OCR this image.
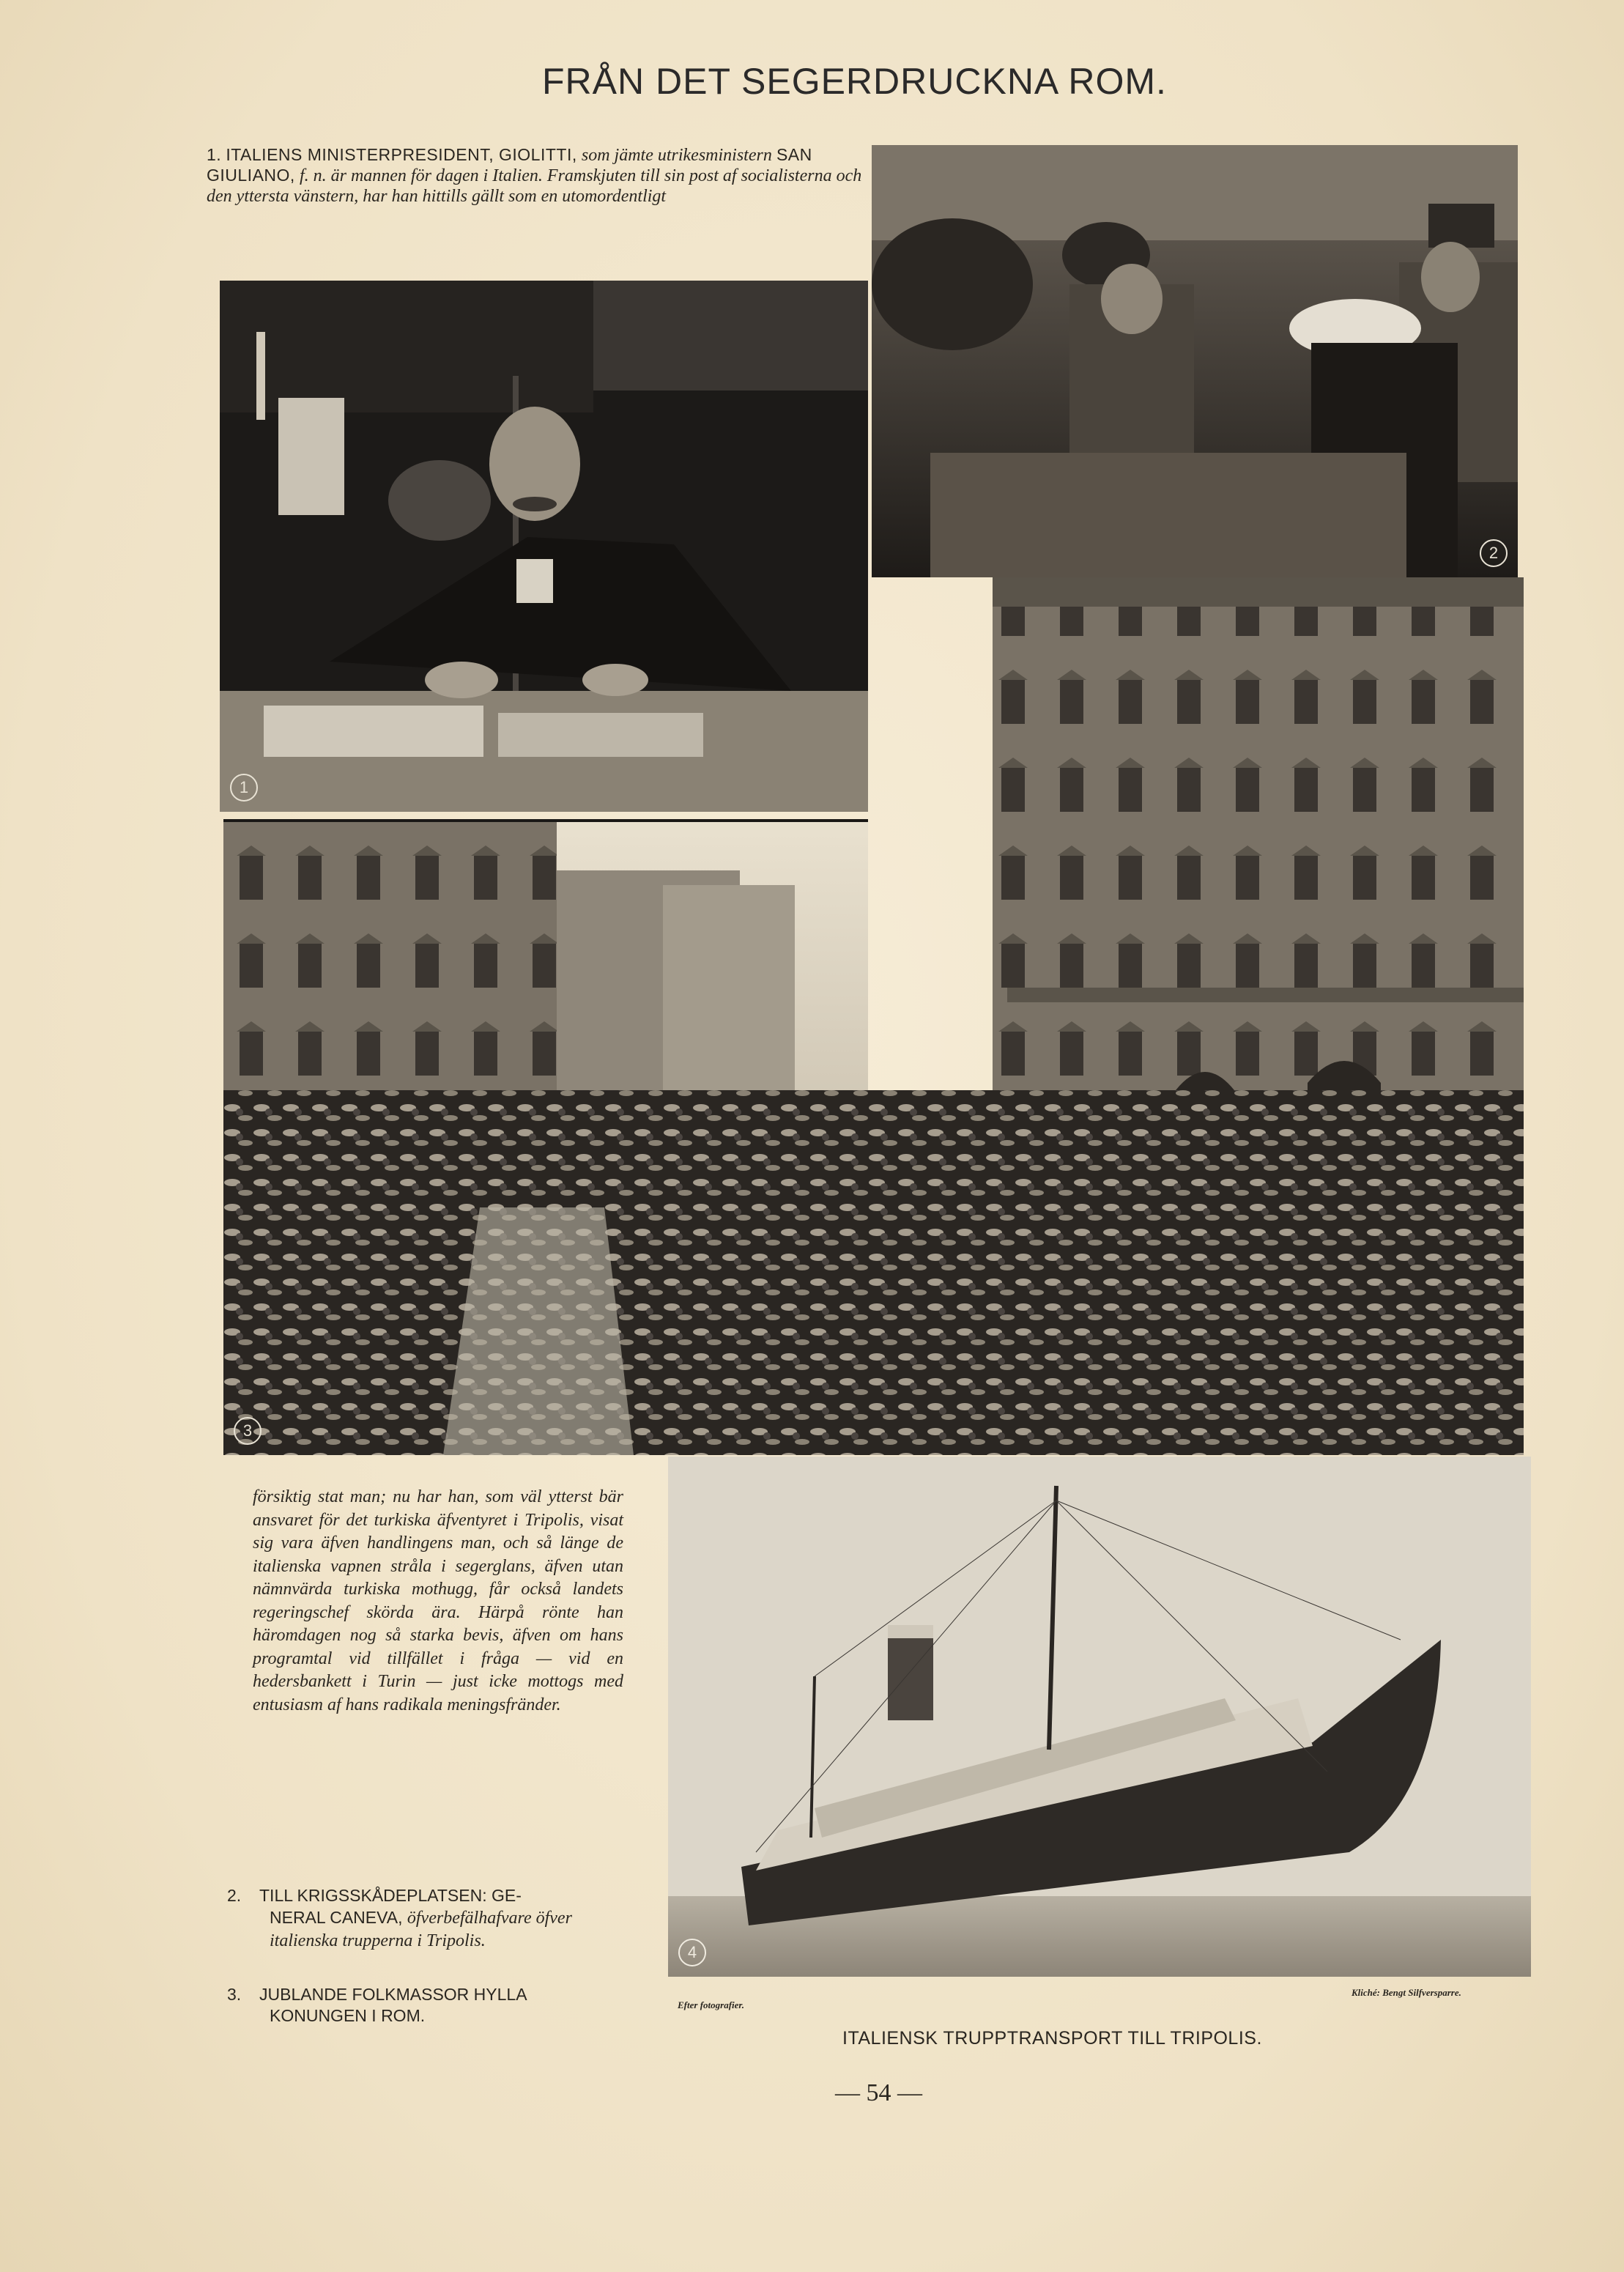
FRÅN DET SEGERDRUCKNA ROM.
1. ITALIENS MINISTERPRESIDENT, GIOLITTI, som jämte utrikesministern SAN GIULIANO, f. n. är mannen för dagen i Italien. Framskjuten till sin post af socialisterna och den yttersta vänstern, har han hittills gällt som en utomordentligt
2
1
3
4
försiktig stat man; nu har han, som väl ytterst bär ansvaret för det turkiska äfventyret i Tripolis, visat sig vara äfven handlingens man, och så länge de italienska vapnen stråla i segerglans, äfven utan nämnvärda turkiska mothugg, får också landets regeringschef skörda ära. Härpå rönte han häromdagen nog så starka bevis, äfven om hans programtal vid tillfället i fråga — vid en hedersbankett i Turin — just icke mottogs med entusiasm af hans radikala meningsfränder.
2. TILL KRIGSSKÅDEPLATSEN: GE-
NERAL CANEVA, öfverbefälhafvare öfver italienska trupperna i Tripolis.
3. JUBLANDE FOLKMASSOR HYLLA
KONUNGEN I ROM.
Efter fotografier.
Kliché: Bengt Silfversparre.
ITALIENSK TRUPPTRANSPORT TILL TRIPOLIS.
— 54 —
